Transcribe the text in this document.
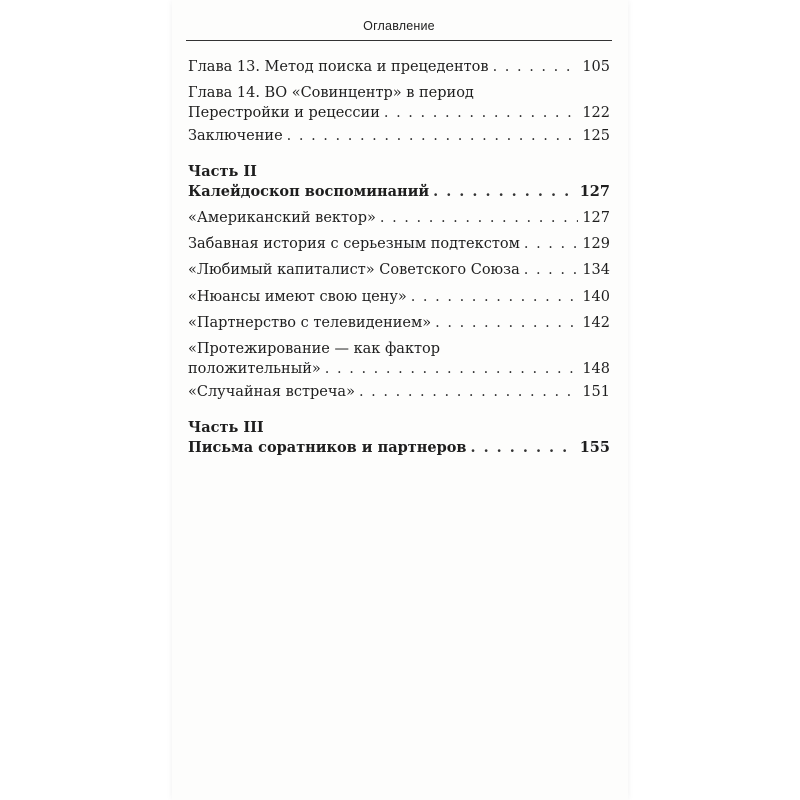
Оглавление
Глава 13. Метод поиска и прецедентов . . .	105
Глава 14. ВО «Совинцентр» в период
Перестройки и рецессии . . .	122
Заключение . . .	125
Часть II
Калейдоскоп воспоминаний . . .	127
«Американский вектор» . . .	127
Забавная история с серьезным подтекстом . . .	129
«Любимый капиталист» Советского Союза . . .	134
«Нюансы имеют свою цену» . . .	140
«Партнерство с телевидением» . . .	142
«Протежирование — как фактор
положительный» . . .	148
«Случайная встреча» . . .	151
Часть III
Письма соратников и партнеров . . .	155
